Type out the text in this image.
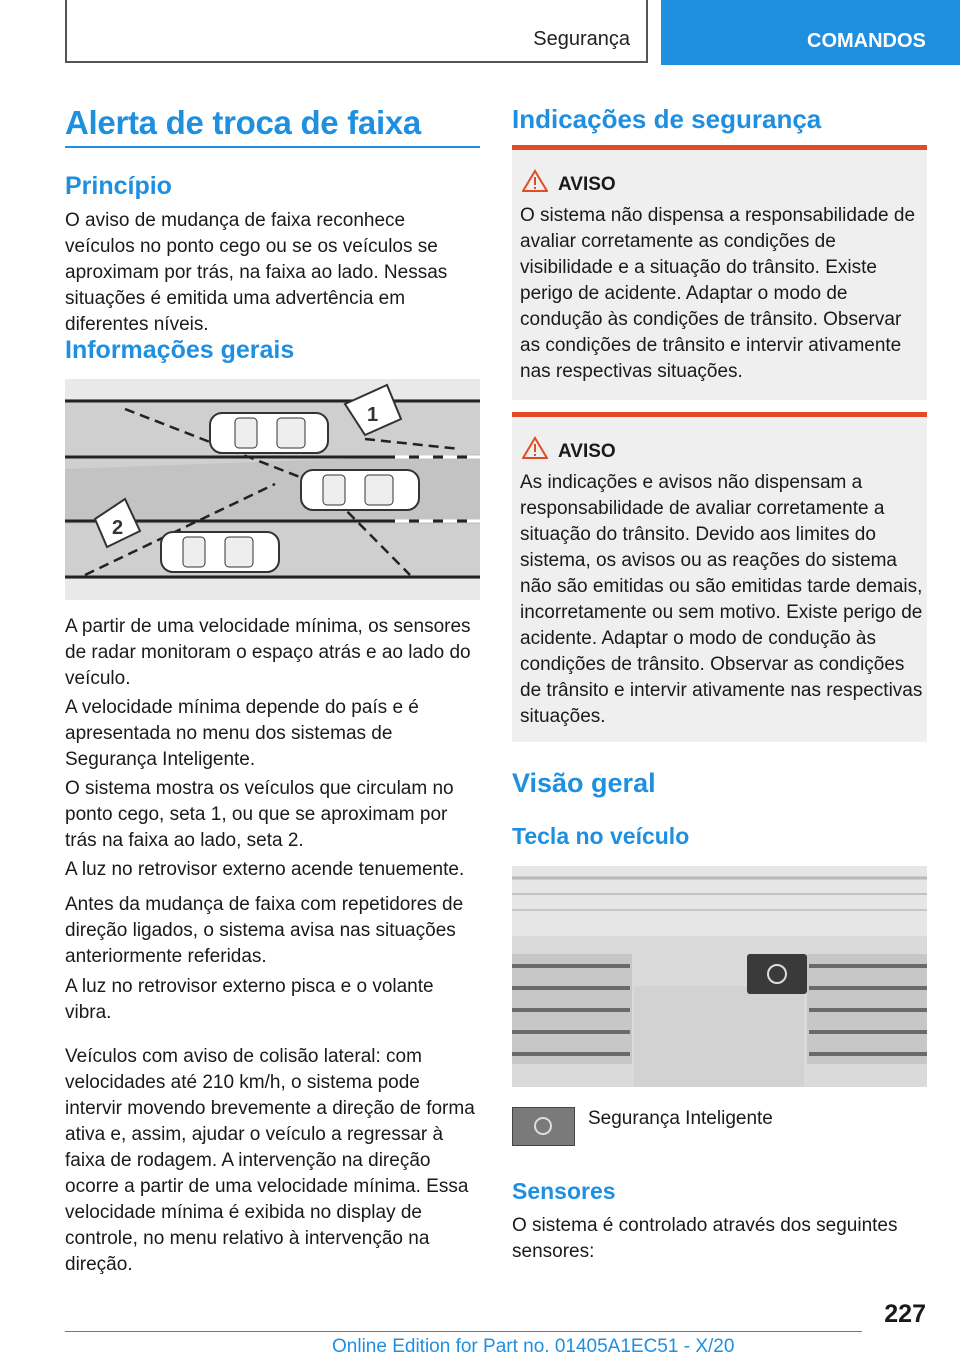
Segurança	COMANDOS
Alerta de troca de faixa
Princípio

O aviso de mudança de faixa reconhece veículos no ponto cego ou se os veículos se aproximam por trás, na faixa ao lado. Nessas situações é emitida uma advertência em diferentes níveis.

Informações gerais
1
2

A partir de uma velocidade mínima, os sensores de radar monitoram o espaço atrás e ao lado do veículo.

A velocidade mínima depende do país e é apresentada no menu dos sistemas de Segurança Inteligente.

O sistema mostra os veículos que circulam no ponto cego, seta 1, ou que se aproximam por trás na faixa ao lado, seta 2.

A luz no retrovisor externo acende tenuemente.

Antes da mudança de faixa com repetidores de direção ligados, o sistema avisa nas situações anteriormente referidas.

A luz no retrovisor externo pisca e o volante vibra.

Veículos com aviso de colisão lateral: com velocidades até 210 km/h, o sistema pode intervir movendo brevemente a direção de forma ativa e, assim, ajudar o veículo a regressar à faixa de rodagem. A intervenção na direção ocorre a partir de uma velocidade mínima. Essa velocidade mínima é exibida no display de controle, no menu relativo à intervenção na direção.

Indicações de segurança
AVISO

O sistema não dispensa a responsabilidade de avaliar corretamente as condições de visibilidade e a situação do trânsito. Existe perigo de acidente. Adaptar o modo de condução às condições de trânsito. Observar as condições de trânsito e intervir ativamente nas respectivas situações.

AVISO

As indicações e avisos não dispensam a responsabilidade de avaliar corretamente a situação do trânsito. Devido aos limites do sistema, os avisos ou as reações do sistema não são emitidas ou são emitidas tarde demais, incorretamente ou sem motivo. Existe perigo de acidente. Adaptar o modo de condução às condições de trânsito. Observar as condições de trânsito e intervir ativamente nas respectivas situações.

Visão geral
Tecla no veículo

Segurança Inteligente

Sensores

O sistema é controlado através dos seguintes sensores:

227
Online Edition for Part no. 01405A1EC51 - X/20
